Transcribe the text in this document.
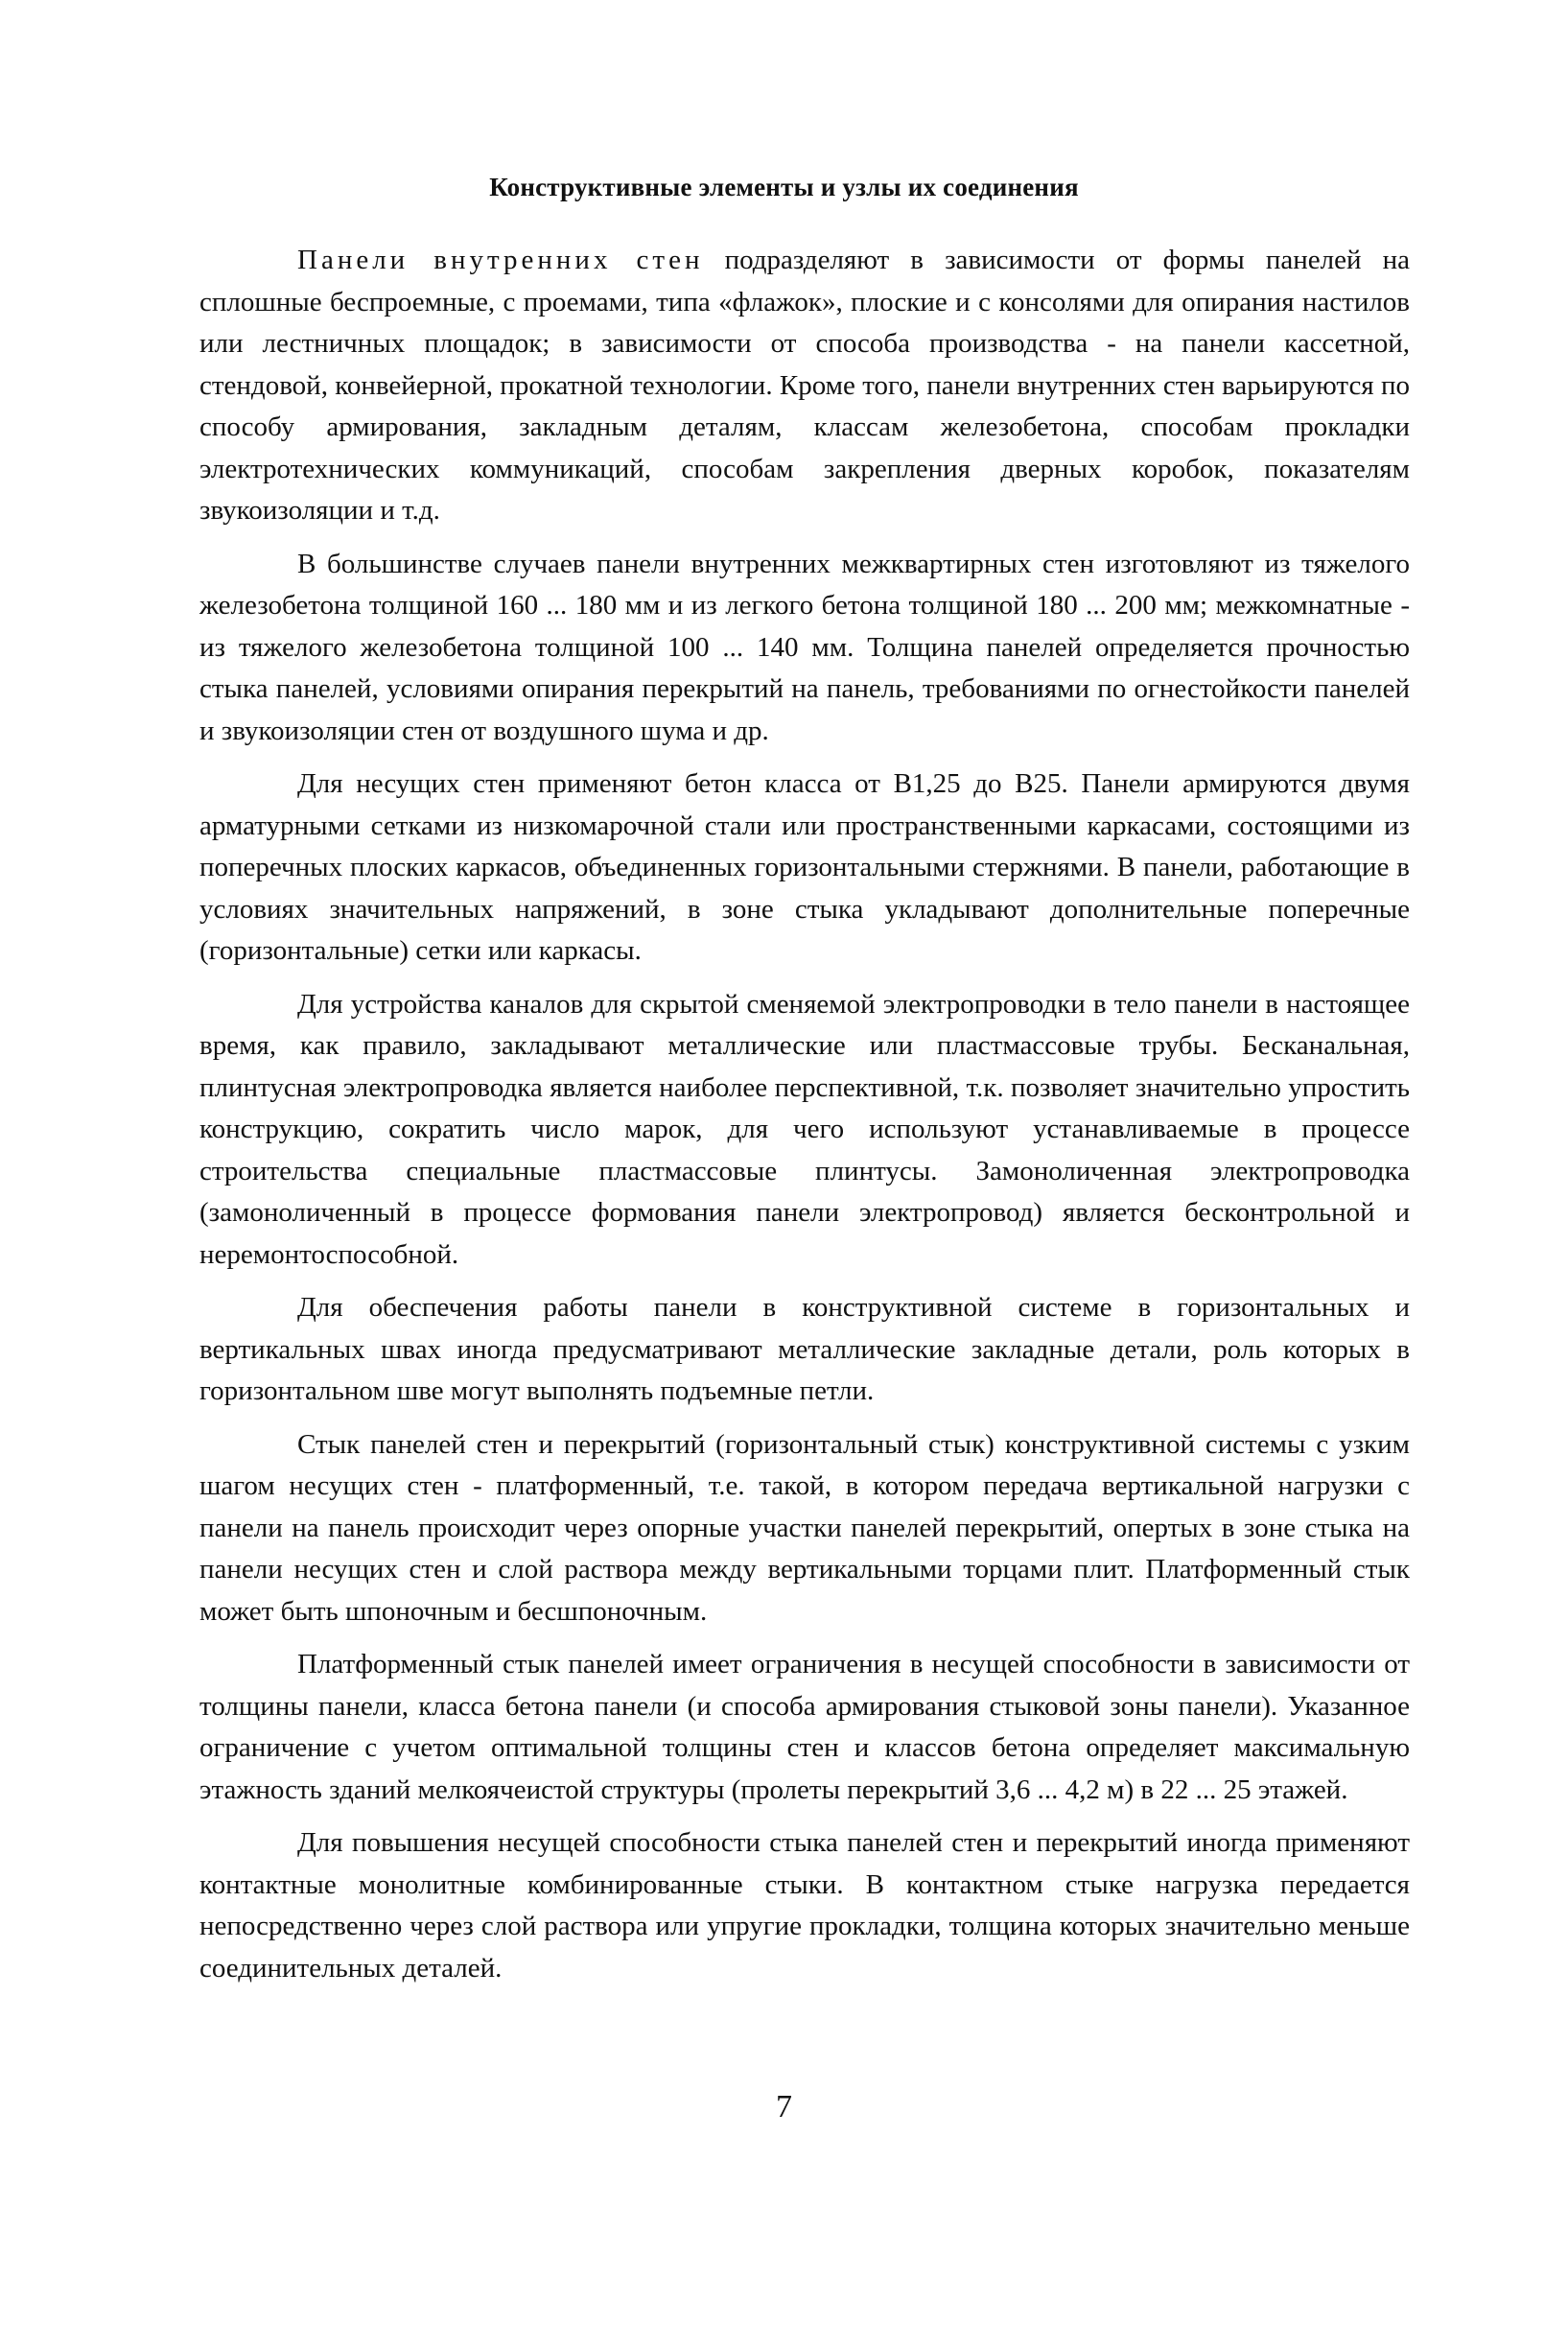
Конструктивные элементы и узлы их соединения

Панели внутренних стен подразделяют в зависимости от формы панелей на сплошные беспроемные, с проемами, типа «флажок», плоские и с консолями для опирания настилов или лестничных площадок; в зависимости от способа производства - на панели кассетной, стендовой, конвейерной, прокатной технологии. Кроме того, панели внутренних стен варьируются по способу армирования, закладным деталям, классам железобетона, способам прокладки электротехнических коммуникаций, способам закрепления дверных коробок, показателям звукоизоляции и т.д.

В большинстве случаев панели внутренних межквартирных стен изготовляют из тяжелого железобетона толщиной 160 ... 180 мм и из легкого бетона толщиной 180 ... 200 мм; межкомнатные - из тяжелого железобетона толщиной 100 ... 140 мм. Толщина панелей определяется прочностью стыка панелей, условиями опирания перекрытий на панель, требованиями по огнестойкости панелей и звукоизоляции стен от воздушного шума и др.

Для несущих стен применяют бетон класса от В1,25 до В25. Панели армируются двумя арматурными сетками из низкомарочной стали или пространственными каркасами, состоящими из поперечных плоских каркасов, объединенных горизонтальными стержнями. В панели, работающие в условиях значительных напряжений, в зоне стыка укладывают дополнительные поперечные (горизонтальные) сетки или каркасы.

Для устройства каналов для скрытой сменяемой электропроводки в тело панели в настоящее время, как правило, закладывают металлические или пластмассовые трубы. Бесканальная, плинтусная электропроводка является наиболее перспективной, т.к. позволяет значительно упростить конструкцию, сократить число марок, для чего используют устанавливаемые в процессе строительства специальные пластмассовые плинтусы. Замоноличенная электропроводка (замоноличенный в процессе формования панели электропровод) является бесконтрольной и неремонтоспособной.

Для обеспечения работы панели в конструктивной системе в горизонтальных и вертикальных швах иногда предусматривают металлические закладные детали, роль которых в горизонтальном шве могут выполнять подъемные петли.

Стык панелей стен и перекрытий (горизонтальный стык) конструктивной системы с узким шагом несущих стен - платформенный, т.е. такой, в котором передача вертикальной нагрузки с панели на панель происходит через опорные участки панелей перекрытий, опертых в зоне стыка на панели несущих стен и слой раствора между вертикальными торцами плит. Платформенный стык может быть шпоночным и бесшпоночным.

Платформенный стык панелей имеет ограничения в несущей способности в зависимости от толщины панели, класса бетона панели (и способа армирования стыковой зоны панели). Указанное ограничение с учетом оптимальной толщины стен и классов бетона определяет максимальную этажность зданий мелкоячеистой структуры (пролеты перекрытий 3,6 ... 4,2 м) в 22 ... 25 этажей.

Для повышения несущей способности стыка панелей стен и перекрытий иногда применяют контактные монолитные комбинированные стыки. В контактном стыке нагрузка передается непосредственно через слой раствора или упругие прокладки, толщина которых значительно меньше соединительных деталей.

7
